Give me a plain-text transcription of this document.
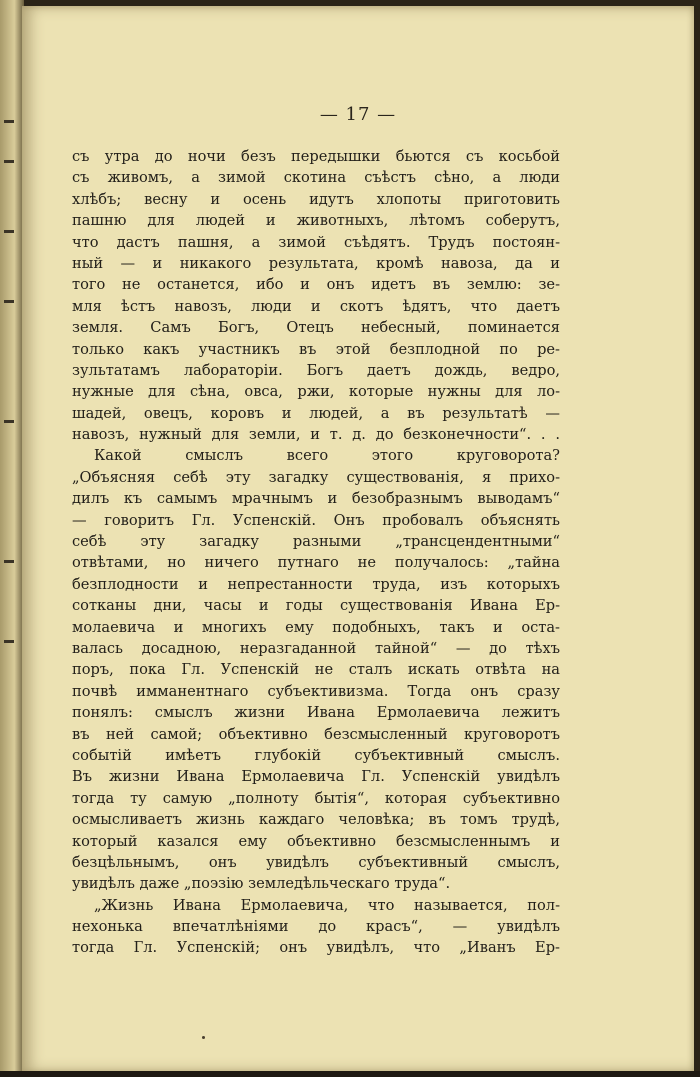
— 17 —
съ утра до ночи безъ передышки бьются съ косьбой
съ живомъ, а зимой скотина съѣстъ сѣно, а люди
хлѣбъ; весну и осень идутъ хлопоты приготовить
пашню для людей и животныхъ, лѣтомъ соберутъ,
что дастъ пашня, а зимой съѣдятъ. Трудъ постоян-
ный — и никакого результата, кромѣ навоза, да и
того не останется, ибо и онъ идетъ въ землю: зе-
мля ѣстъ навозъ, люди и скотъ ѣдятъ, что даетъ
земля. Самъ Богъ, Отецъ небесный, поминается
только какъ участникъ въ этой безплодной по ре-
зультатамъ лабораторіи. Богъ даетъ дождь, ведро,
нужные для сѣна, овса, ржи, которые нужны для ло-
шадей, овецъ, коровъ и людей, а въ результатѣ —
навозъ, нужный для земли, и т. д. до безконечности“. . .
Какой смыслъ всего этого круговорота?
„Объясняя себѣ эту загадку существованія, я прихо-
дилъ къ самымъ мрачнымъ и безобразнымъ выводамъ“
— говоритъ Гл. Успенскій. Онъ пробовалъ объяснять
себѣ эту загадку разными „трансцендентными“
отвѣтами, но ничего путнаго не получалось: „тайна
безплодности и непрестанности труда, изъ которыхъ
сотканы дни, часы и годы существованія Ивана Ер-
молаевича и многихъ ему подобныхъ, такъ и оста-
валась досадною, неразгаданной тайной“ — до тѣхъ
поръ, пока Гл. Успенскій не сталъ искать отвѣта на
почвѣ имманентнаго субъективизма. Тогда онъ сразу
понялъ: смыслъ жизни Ивана Ермолаевича лежитъ
въ ней самой; объективно безсмысленный круговоротъ
событій имѣетъ глубокій субъективный смыслъ.
Въ жизни Ивана Ермолаевича Гл. Успенскій увидѣлъ
тогда ту самую „полноту бытія“, которая субъективно
осмысливаетъ жизнь каждаго человѣка; въ томъ трудѣ,
который казался ему объективно безсмысленнымъ и
безцѣльнымъ, онъ увидѣлъ субъективный смыслъ,
увидѣлъ даже „поэзію земледѣльческаго труда“.
„Жизнь Ивана Ермолаевича, что называется, пол-
нехонька впечатлѣніями до красъ“, — увидѣлъ
тогда Гл. Успенскій; онъ увидѣлъ, что „Иванъ Ер-
